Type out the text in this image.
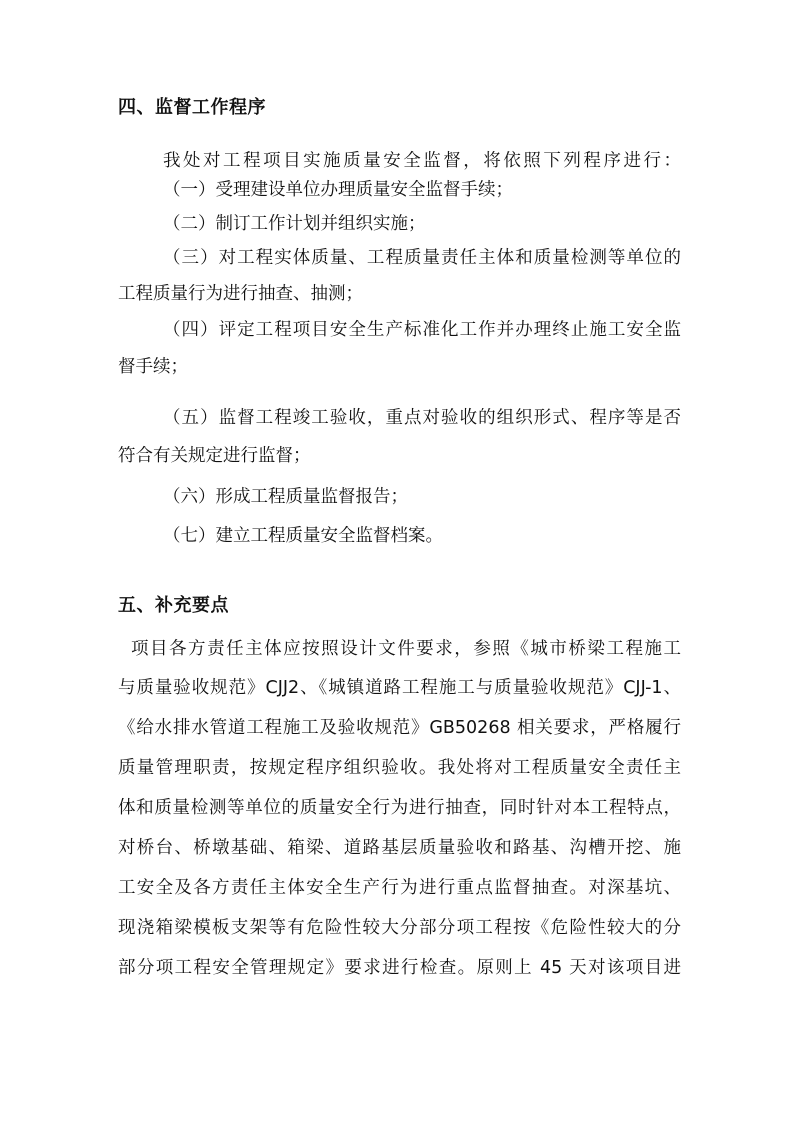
四、监督工作程序
我处对工程项目实施质量安全监督，将依照下列程序进行：
（一）受理建设单位办理质量安全监督手续；
（二）制订工作计划并组织实施；
（三）对工程实体质量、工程质量责任主体和质量检测等单位的
工程质量行为进行抽查、抽测；
（四）评定工程项目安全生产标准化工作并办理终止施工安全监
督手续；
（五）监督工程竣工验收，重点对验收的组织形式、程序等是否
符合有关规定进行监督；
（六）形成工程质量监督报告；
（七）建立工程质量安全监督档案。
五、补充要点
项目各方责任主体应按照设计文件要求，参照《城市桥梁工程施工
与质量验收规范》CJJ2、《城镇道路工程施工与质量验收规范》CJJ-1、
《给水排水管道工程施工及验收规范》GB50268 相关要求，严格履行
质量管理职责，按规定程序组织验收。我处将对工程质量安全责任主
体和质量检测等单位的质量安全行为进行抽查，同时针对本工程特点，
对桥台、桥墩基础、箱梁、道路基层质量验收和路基、沟槽开挖、施
工安全及各方责任主体安全生产行为进行重点监督抽查。对深基坑、
现浇箱梁模板支架等有危险性较大分部分项工程按《危险性较大的分
部分项工程安全管理规定》要求进行检查。原则上 45 天对该项目进
